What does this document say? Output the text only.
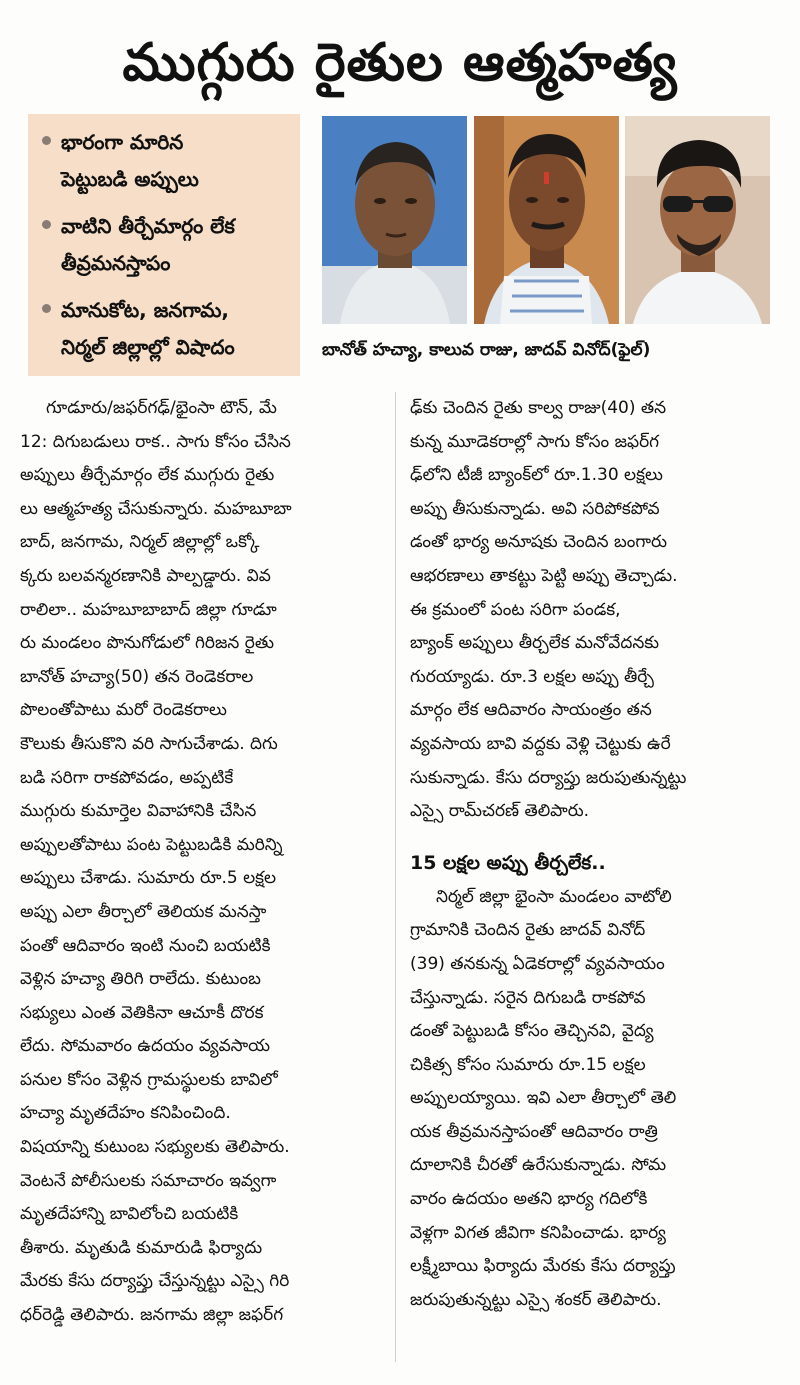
ముగ్గురు రైతుల ఆత్మహత్య
భారంగా మారిన
పెట్టుబడి అప్పులు
వాటిని తీర్చేమార్గం లేక
తీవ్రమనస్తాపం
మానుకోట, జనగామ,
నిర్మల్ జిల్లాల్లో విషాదం	బానోత్ హచ్యా, కాలువ రాజు, జాదవ్ వినోద్(ఫైల్)
గూడూరు/జఫర్‌గఢ్/భైంసా టౌన్, మే
12: దిగుబడులు రాక.. సాగు కోసం చేసిన
అప్పులు తీర్చేమార్గం లేక ముగ్గురు రైతు
లు ఆత్మహత్య చేసుకున్నారు. మహబూబా
బాద్, జనగామ, నిర్మల్ జిల్లాల్లో ఒక్కో
క్కరు బలవన్మరణానికి పాల్పడ్డారు. వివ
రాలిలా.. మహబూబాబాద్ జిల్లా గూడూ
రు మండలం పొనుగోడులో గిరిజన రైతు
బానోత్ హచ్యా(50) తన రెండెకరాల
పొలంతోపాటు మరో రెండెకరాలు
కౌలుకు తీసుకొని వరి సాగుచేశాడు. దిగు
బడి సరిగా రాకపోవడం, అప్పటికే
ముగ్గురు కుమార్తెల వివాహానికి చేసిన
అప్పులతోపాటు పంట పెట్టుబడికి మరిన్ని
అప్పులు చేశాడు. సుమారు రూ.5 లక్షల
అప్పు ఎలా తీర్చాలో తెలియక మనస్తా
పంతో ఆదివారం ఇంటి నుంచి బయటికి
వెళ్లిన హచ్యా తిరిగి రాలేదు. కుటుంబ
సభ్యులు ఎంత వెతికినా ఆచూకీ దొరక
లేదు. సోమవారం ఉదయం వ్యవసాయ
పనుల కోసం వెళ్లిన గ్రామస్థులకు బావిలో
హచ్యా మృతదేహం కనిపించింది.
విషయాన్ని కుటుంబ సభ్యులకు తెలిపారు.
వెంటనే పోలీసులకు సమాచారం ఇవ్వగా
మృతదేహాన్ని బావిలోంచి బయటికి
తీశారు. మృతుడి కుమారుడి ఫిర్యాదు
మేరకు కేసు దర్యాప్తు చేస్తున్నట్టు ఎస్సై గిరి
ధర్‌రెడ్డి తెలిపారు. జనగామ జిల్లా జఫర్‌గ
ఢ్‌కు చెందిన రైతు కాల్వ రాజు(40) తన
కున్న మూడెకరాల్లో సాగు కోసం జఫర్‌గ
ఢ్‌లోని టీజీ బ్యాంక్‌లో రూ.1.30 లక్షలు
అప్పు తీసుకున్నాడు. అవి సరిపోకపోవ
డంతో భార్య అనూషకు చెందిన బంగారు
ఆభరణాలు తాకట్టు పెట్టి అప్పు తెచ్చాడు.
ఈ క్రమంలో పంట సరిగా పండక,
బ్యాంక్ అప్పులు తీర్చలేక మనోవేదనకు
గురయ్యాడు. రూ.3 లక్షల అప్పు తీర్చే
మార్గం లేక ఆదివారం సాయంత్రం తన
వ్యవసాయ బావి వద్దకు వెళ్లి చెట్టుకు ఉరే
సుకున్నాడు. కేసు దర్యాప్తు జరుపుతున్నట్టు
ఎస్సై రామ్‌చరణ్ తెలిపారు.
15 లక్షల అప్పు తీర్చలేక..
నిర్మల్ జిల్లా భైంసా మండలం వాటోలి
గ్రామానికి చెందిన రైతు జాదవ్ వినోద్
(39) తనకున్న ఏడెకరాల్లో వ్యవసాయం
చేస్తున్నాడు. సరైన దిగుబడి రాకపోవ
డంతో పెట్టుబడి కోసం తెచ్చినవి, వైద్య
చికిత్స కోసం సుమారు రూ.15 లక్షల
అప్పులయ్యాయి. ఇవి ఎలా తీర్చాలో తెలి
యక తీవ్రమనస్తాపంతో ఆదివారం రాత్రి
దూలానికి చీరతో ఉరేసుకున్నాడు. సోమ
వారం ఉదయం అతని భార్య గదిలోకి
వెళ్లగా విగత జీవిగా కనిపించాడు. భార్య
లక్ష్మీబాయి ఫిర్యాదు మేరకు కేసు దర్యాప్తు
జరుపుతున్నట్టు ఎస్సై శంకర్ తెలిపారు.
